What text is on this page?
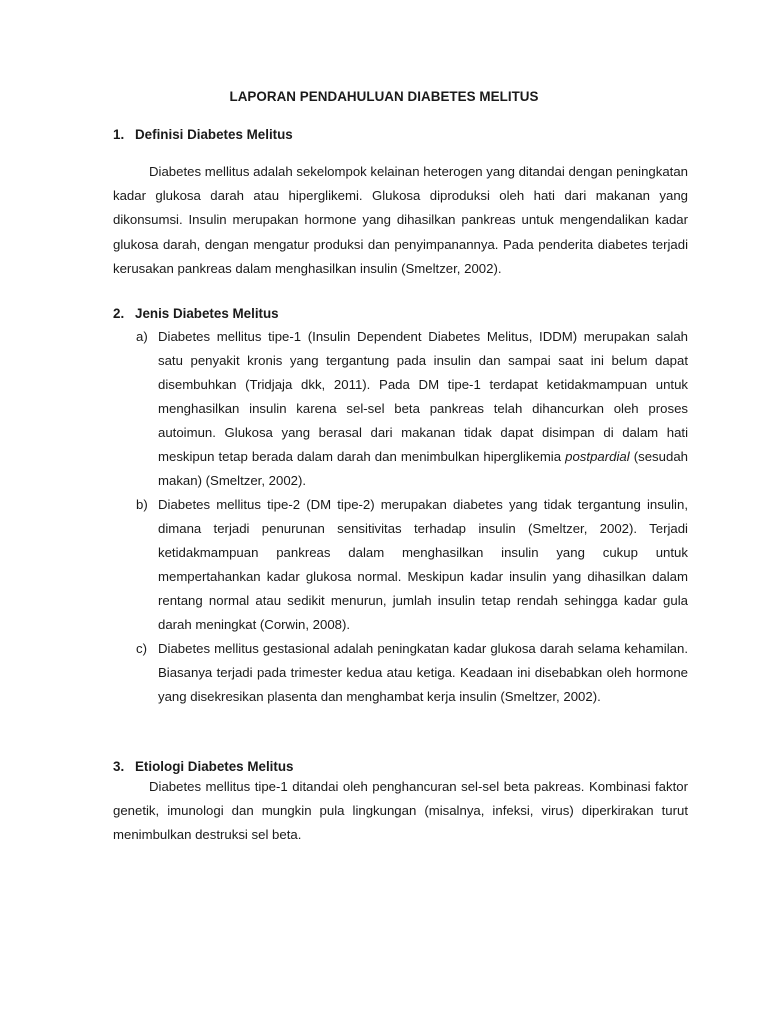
LAPORAN PENDAHULUAN DIABETES MELITUS
1. Definisi Diabetes Melitus
Diabetes mellitus adalah sekelompok kelainan heterogen yang ditandai dengan peningkatan kadar glukosa darah atau hiperglikemi. Glukosa diproduksi oleh hati dari makanan yang dikonsumsi. Insulin merupakan hormone yang dihasilkan pankreas untuk mengendalikan kadar glukosa darah, dengan mengatur produksi dan penyimpanannya. Pada penderita diabetes terjadi kerusakan pankreas dalam menghasilkan insulin (Smeltzer, 2002).
2. Jenis Diabetes Melitus
a) Diabetes mellitus tipe-1 (Insulin Dependent Diabetes Melitus, IDDM) merupakan salah satu penyakit kronis yang tergantung pada insulin dan sampai saat ini belum dapat disembuhkan (Tridjaja dkk, 2011). Pada DM tipe-1 terdapat ketidakmampuan untuk menghasilkan insulin karena sel-sel beta pankreas telah dihancurkan oleh proses autoimun. Glukosa yang berasal dari makanan tidak dapat disimpan di dalam hati meskipun tetap berada dalam darah dan menimbulkan hiperglikemia postpardial (sesudah makan) (Smeltzer, 2002).
b) Diabetes mellitus tipe-2 (DM tipe-2) merupakan diabetes yang tidak tergantung insulin, dimana terjadi penurunan sensitivitas terhadap insulin (Smeltzer, 2002). Terjadi ketidakmampuan pankreas dalam menghasilkan insulin yang cukup untuk mempertahankan kadar glukosa normal. Meskipun kadar insulin yang dihasilkan dalam rentang normal atau sedikit menurun, jumlah insulin tetap rendah sehingga kadar gula darah meningkat (Corwin, 2008).
c) Diabetes mellitus gestasional adalah peningkatan kadar glukosa darah selama kehamilan. Biasanya terjadi pada trimester kedua atau ketiga. Keadaan ini disebabkan oleh hormone yang disekresikan plasenta dan menghambat kerja insulin (Smeltzer, 2002).
3. Etiologi Diabetes Melitus
Diabetes mellitus tipe-1 ditandai oleh penghancuran sel-sel beta pakreas. Kombinasi faktor genetik, imunologi dan mungkin pula lingkungan (misalnya, infeksi, virus) diperkirakan turut menimbulkan destruksi sel beta.
